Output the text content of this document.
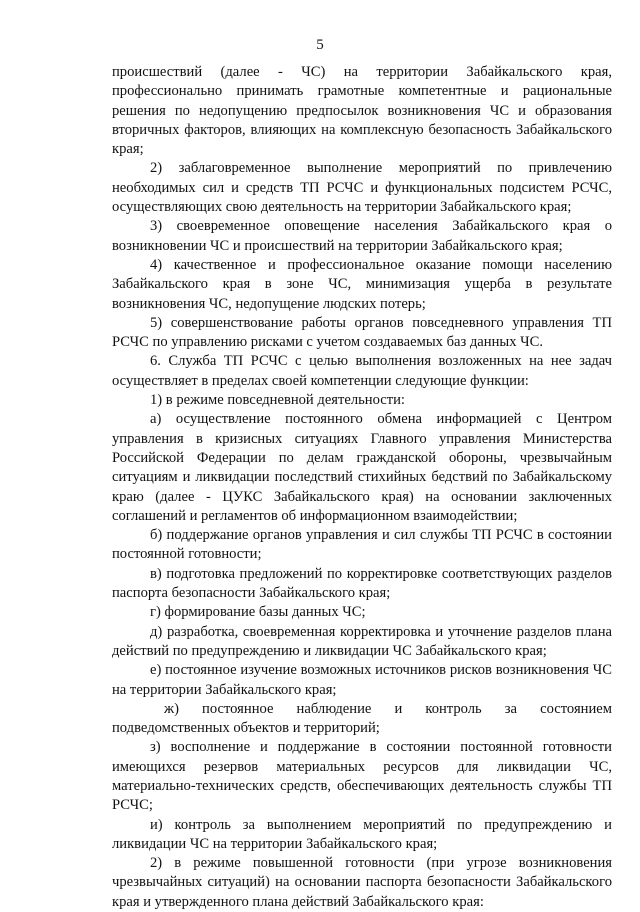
5

происшествий (далее - ЧС) на территории Забайкальского края, профессионально принимать грамотные компетентные и рациональные решения по недопущению предпосылок возникновения ЧС и образования вторичных факторов, влияющих на комплексную безопасность Забайкальского края;

2) заблаговременное выполнение мероприятий по привлечению необходимых сил и средств ТП РСЧС и функциональных подсистем РСЧС, осуществляющих свою деятельность на территории Забайкальского края;

3) своевременное оповещение населения Забайкальского края о возникновении ЧС и происшествий на территории Забайкальского края;

4) качественное и профессиональное оказание помощи населению Забайкальского края в зоне ЧС, минимизация ущерба в результате возникновения ЧС, недопущение людских потерь;

5) совершенствование работы органов повседневного управления ТП РСЧС по управлению рисками с учетом создаваемых баз данных ЧС.

6. Служба ТП РСЧС с целью выполнения возложенных на нее задач осуществляет в пределах своей компетенции следующие функции:

1) в режиме повседневной деятельности:

а) осуществление постоянного обмена информацией с Центром управления в кризисных ситуациях Главного управления Министерства Российской Федерации по делам гражданской обороны, чрезвычайным ситуациям и ликвидации последствий стихийных бедствий по Забайкальскому краю (далее - ЦУКС Забайкальского края) на основании заключенных соглашений и регламентов об информационном взаимодействии;

б) поддержание органов управления и сил службы ТП РСЧС в состоянии постоянной готовности;

в) подготовка предложений по корректировке соответствующих разделов паспорта безопасности Забайкальского края;

г) формирование базы данных ЧС;

д) разработка, своевременная корректировка и уточнение разделов плана действий по предупреждению и ликвидации ЧС Забайкальского края;

е) постоянное изучение возможных источников рисков возникновения ЧС на территории Забайкальского края;

ж) постоянное наблюдение и контроль за состоянием подведомственных объектов и территорий;

з) восполнение и поддержание в состоянии постоянной готовности имеющихся резервов материальных ресурсов для ликвидации ЧС, материально-технических средств, обеспечивающих деятельность службы ТП РСЧС;

и) контроль за выполнением мероприятий по предупреждению и ликвидации ЧС на территории Забайкальского края;

2) в режиме повышенной готовности (при угрозе возникновения чрезвычайных ситуаций) на основании паспорта безопасности Забайкальского края и утвержденного плана действий Забайкальского края:
